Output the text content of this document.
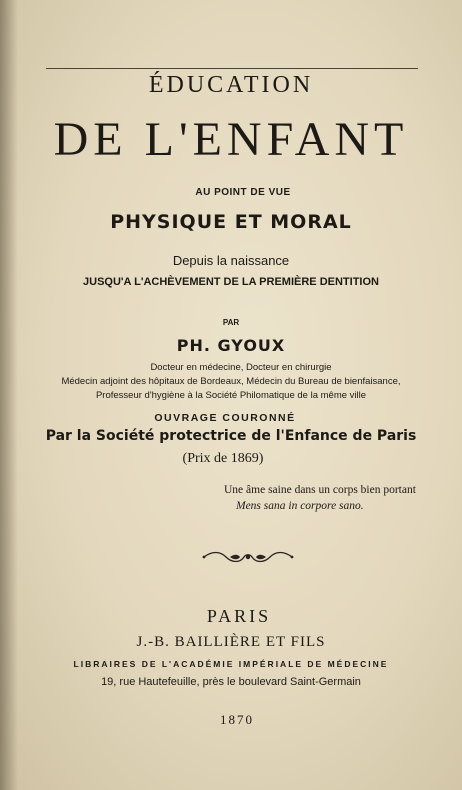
ÉDUCATION
DE L'ENFANT
AU POINT DE VUE
PHYSIQUE ET MORAL
Depuis la naissance
JUSQU'A L'ACHÈVEMENT DE LA PREMIÈRE DENTITION
PAR
PH. GYOUX
Docteur en médecine, Docteur en chirurgie
Médecin adjoint des hôpitaux de Bordeaux, Médecin du Bureau de bienfaisance,
Professeur d'hygiène à la Société Philomatique de la même ville
OUVRAGE COURONNÉ
Par la Société protectrice de l'Enfance de Paris
(Prix de 1869)
Une âme saine dans un corps bien portant
Mens sana in corpore sano.
PARIS
J.-B. BAILLIÈRE ET FILS
LIBRAIRES DE L'ACADÉMIE IMPÉRIALE DE MÉDECINE
19, rue Hautefeuille, près le boulevard Saint-Germain
1870
